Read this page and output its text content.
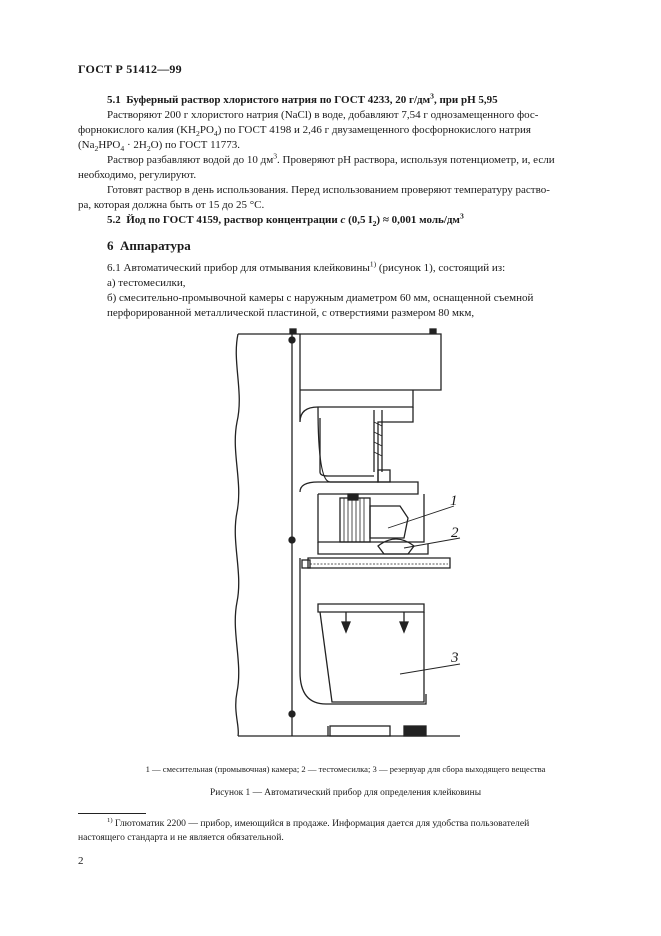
ГОСТ Р 51412—99
5.1 Буферный раствор хлористого натрия по ГОСТ 4233, 20 $г/дм^3$, при pH 5,95
Растворяют 200 г хлористого натрия (NaCl) в воде, добавляют 7,54 г однозамещенного фос-
форнокислого калия $(KH_2PO_4)$ по ГОСТ 4198 и 2,46 г двузамещенного фосфорнокислого натрия
$(Na_2HPO_4 \cdot 2H_2O)$ по ГОСТ 11773.
Раствор разбавляют водой до 10 $дм^3$. Проверяют pH раствора, используя потенциометр, и, если
необходимо, регулируют.
Готовят раствор в день использования. Перед использованием проверяют температуру раство-
ра, которая должна быть от 15 до 25 °C.
5.2 Йод по ГОСТ 4159, раствор концентрации c (0,5 $I_2) \approx 0,001$ моль/$дм^3$
6 Аппаратура
6.1 Автоматический прибор для отмывания клейковины$^{1)}$ (рисунок 1), состоящий из:
а) тестомесилки,
б) смесительно-промывочной камеры с наружным диаметром 60 мм, оснащенной съемной
перфорированной металлической пластиной, с отверстиями размером 80 мкм,
1
2
3
1 — смесительная (промывочная) камера; 2 — тестомесилка; 3 — резервуар для сбора выходящего вещества
Рисунок 1 — Автоматический прибор для определения клейковины
$^{1)}$ Глютоматик 2200 — прибор, имеющийся в продаже. Информация дается для удобства пользователей
настоящего стандарта и не является обязательной.
2
